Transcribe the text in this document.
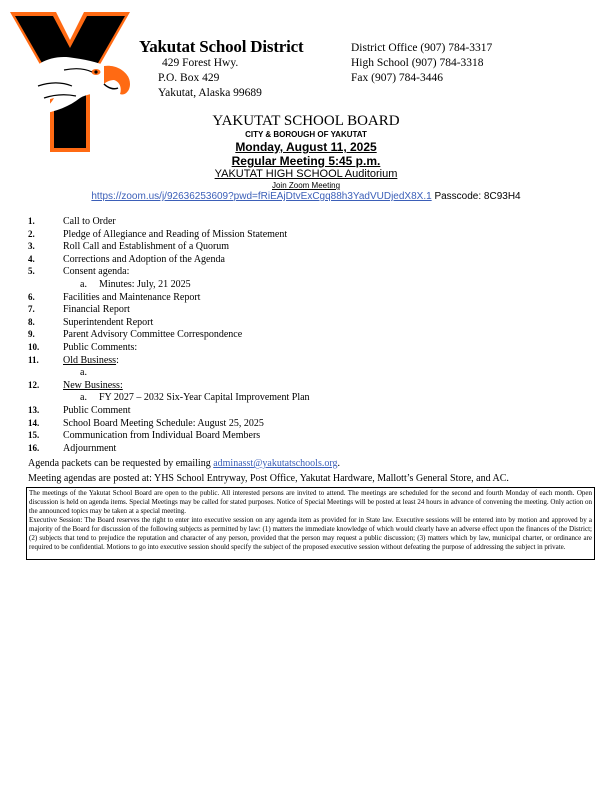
Yakutat School District
429 Forest Hwy.
P.O. Box 429
Yakutat, Alaska 99689
District Office (907) 784-3317
High School (907) 784-3318
Fax (907) 784-3446
YAKUTAT SCHOOL BOARD
CITY & BOROUGH OF YAKUTAT
Monday, August 11, 2025
Regular Meeting 5:45 p.m.
YAKUTAT HIGH SCHOOL Auditorium
Join Zoom Meeting
https://zoom.us/j/92636253609?pwd=fRiEAjDtvExCgq88h3YadVUDjedX8X.1 Passcode: 8C93H4
1.	Call to Order
2.	Pledge of Allegiance and Reading of Mission Statement
3.	Roll Call and Establishment of a Quorum
4.	Corrections and Adoption of the Agenda
5.	Consent agenda:
a. Minutes: July, 21 2025
6.	Facilities and Maintenance Report
7.	Financial Report
8.	Superintendent Report
9.	Parent Advisory Committee Correspondence
10. Public Comments:
11. Old Business:
a.
12. New Business:
a. FY 2027 – 2032 Six-Year Capital Improvement Plan
13. Public Comment
14. School Board Meeting Schedule: August 25, 2025
15. Communication from Individual Board Members
16. Adjournment
Agenda packets can be requested by emailing adminasst@yakutatschools.org.
Meeting agendas are posted at: YHS School Entryway, Post Office, Yakutat Hardware, Mallott’s General Store, and AC.

The meetings of the Yakutat School Board are open to the public. All interested persons are invited to attend. The meetings are scheduled for the second and fourth Monday of each month. Open discussion is held on agenda items. Special Meetings may be called for stated purposes. Notice of Special Meetings will be posted at least 24 hours in advance of convening the meeting. Only action on the announced topics may be taken at a special meeting.

Executive Session: The Board reserves the right to enter into executive session on any agenda item as provided for in State law. Executive sessions will be entered into by motion and approved by a majority of the Board for discussion of the following subjects as permitted by law: (1) matters the immediate knowledge of which would clearly have an adverse effect upon the finances of the District; (2) subjects that tend to prejudice the reputation and character of any person, provided that the person may request a public discussion; (3) matters which by law, municipal charter, or ordinance are required to be confidential. Motions to go into executive session should specify the subject of the proposed executive session without defeating the purpose of addressing the subject in private.
